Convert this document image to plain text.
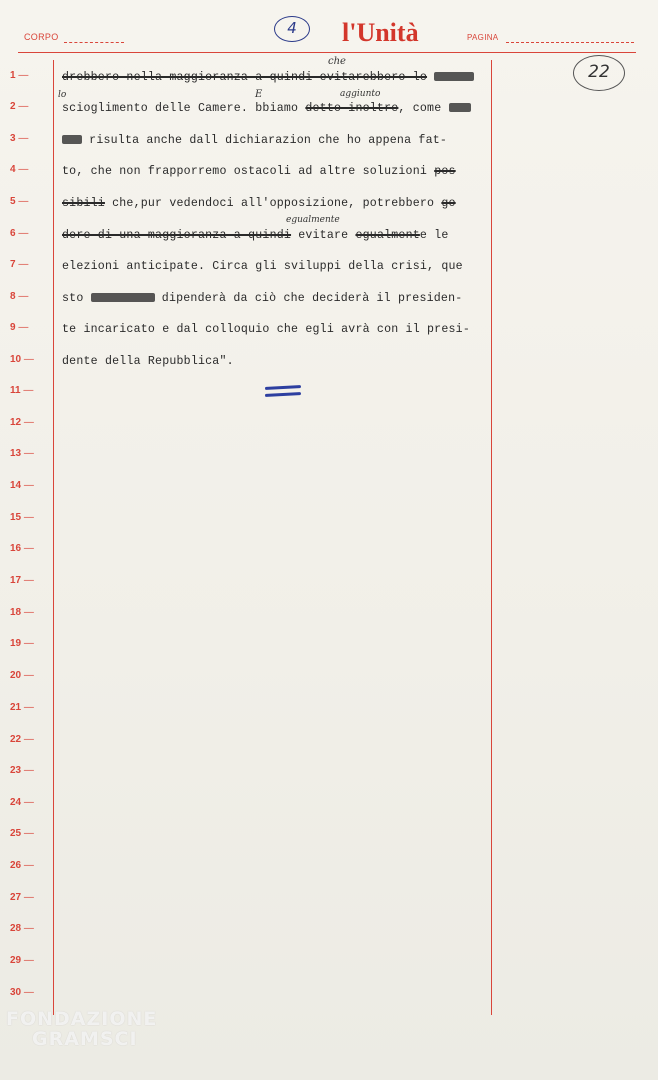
CORPO	4	l'Unità	PAGINA
22
1 —
2 —
3 —
4 —
5 —
6 —
7 —
8 —
9 —
10 —
11 —
12 —
13 —
14 —
15 —
16 —
17 —
18 —
19 —
20 —
21 —
22 —
23 —
24 —
25 —
26 —
27 —
28 —
29 —
30 —
drebbero nella maggioranza a quindi evitarebbero lo
scioglimento delle Camere. bbiamo detto inoltre, come
risulta anche dall dichiarazion che ho appena fat-
to, che non frapporremo ostacoli ad altre soluzioni pos
sibili che,pur vedendoci all'opposizione, potrebbero go
dere di una maggioranza a quindi evitare egualmente le
elezioni anticipate. Circa gli sviluppi della crisi, que
sto	dipenderà da ciò che deciderà il presiden-
te incaricato e dal colloquio che egli avrà con il presi-
dente della Repubblica".
che
aggiunto
lo	E
egualmente
FONDAZIONE
GRAMSCI
